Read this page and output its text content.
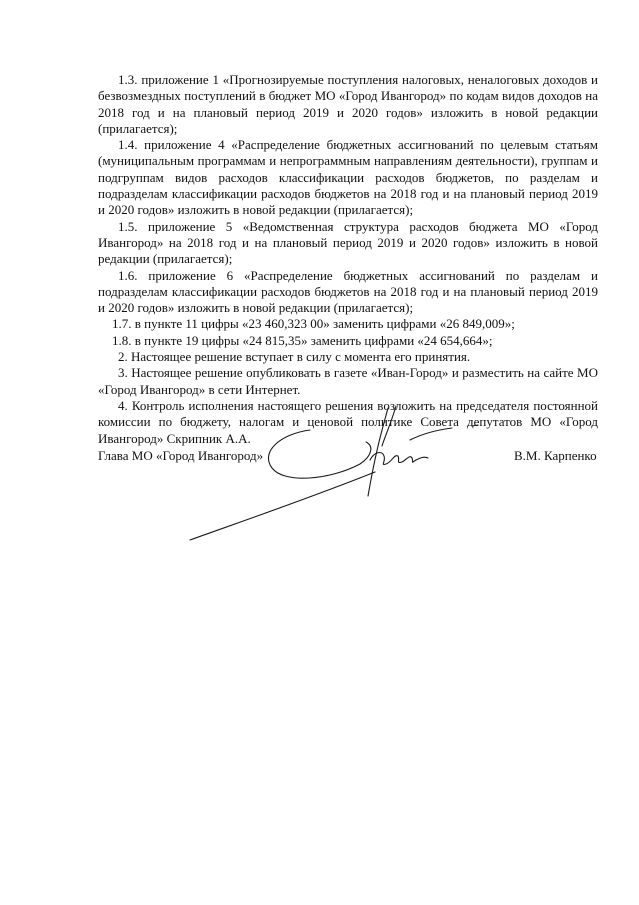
1.3. приложение 1 «Прогнозируемые поступления налоговых, неналоговых доходов и безвозмездных поступлений в бюджет МО «Город Ивангород» по кодам видов доходов на 2018 год и на плановый период 2019 и 2020 годов» изложить в новой редакции (прилагается);

1.4. приложение 4 «Распределение бюджетных ассигнований по целевым статьям (муниципальным программам и непрограммным направлениям деятельности), группам и подгруппам видов расходов классификации расходов бюджетов, по разделам и подразделам классификации расходов бюджетов на 2018 год и на плановый период 2019 и 2020 годов» изложить в новой редакции (прилагается);

1.5. приложение 5 «Ведомственная структура расходов бюджета МО «Город Ивангород» на 2018 год и на плановый период 2019 и 2020 годов» изложить в новой редакции (прилагается);

1.6. приложение 6 «Распределение бюджетных ассигнований по разделам и подразделам классификации расходов бюджетов на 2018 год и на плановый период 2019 и 2020 годов» изложить в новой редакции (прилагается);

1.7. в пункте 11 цифры «23 460,323 00» заменить цифрами «26 849,009»;

1.8. в пункте 19 цифры «24 815,35» заменить цифрами «24 654,664»;

2. Настоящее решение вступает в силу с момента его принятия.

3. Настоящее решение опубликовать в газете «Иван-Город» и разместить на сайте МО «Город Ивангород» в сети Интернет.

4. Контроль исполнения настоящего решения возложить на председателя постоянной комиссии по бюджету, налогам и ценовой политике Совета депутатов МО «Город Ивангород» Скрипник А.А.

Глава МО «Город Ивангород»	В.М. Карпенко
